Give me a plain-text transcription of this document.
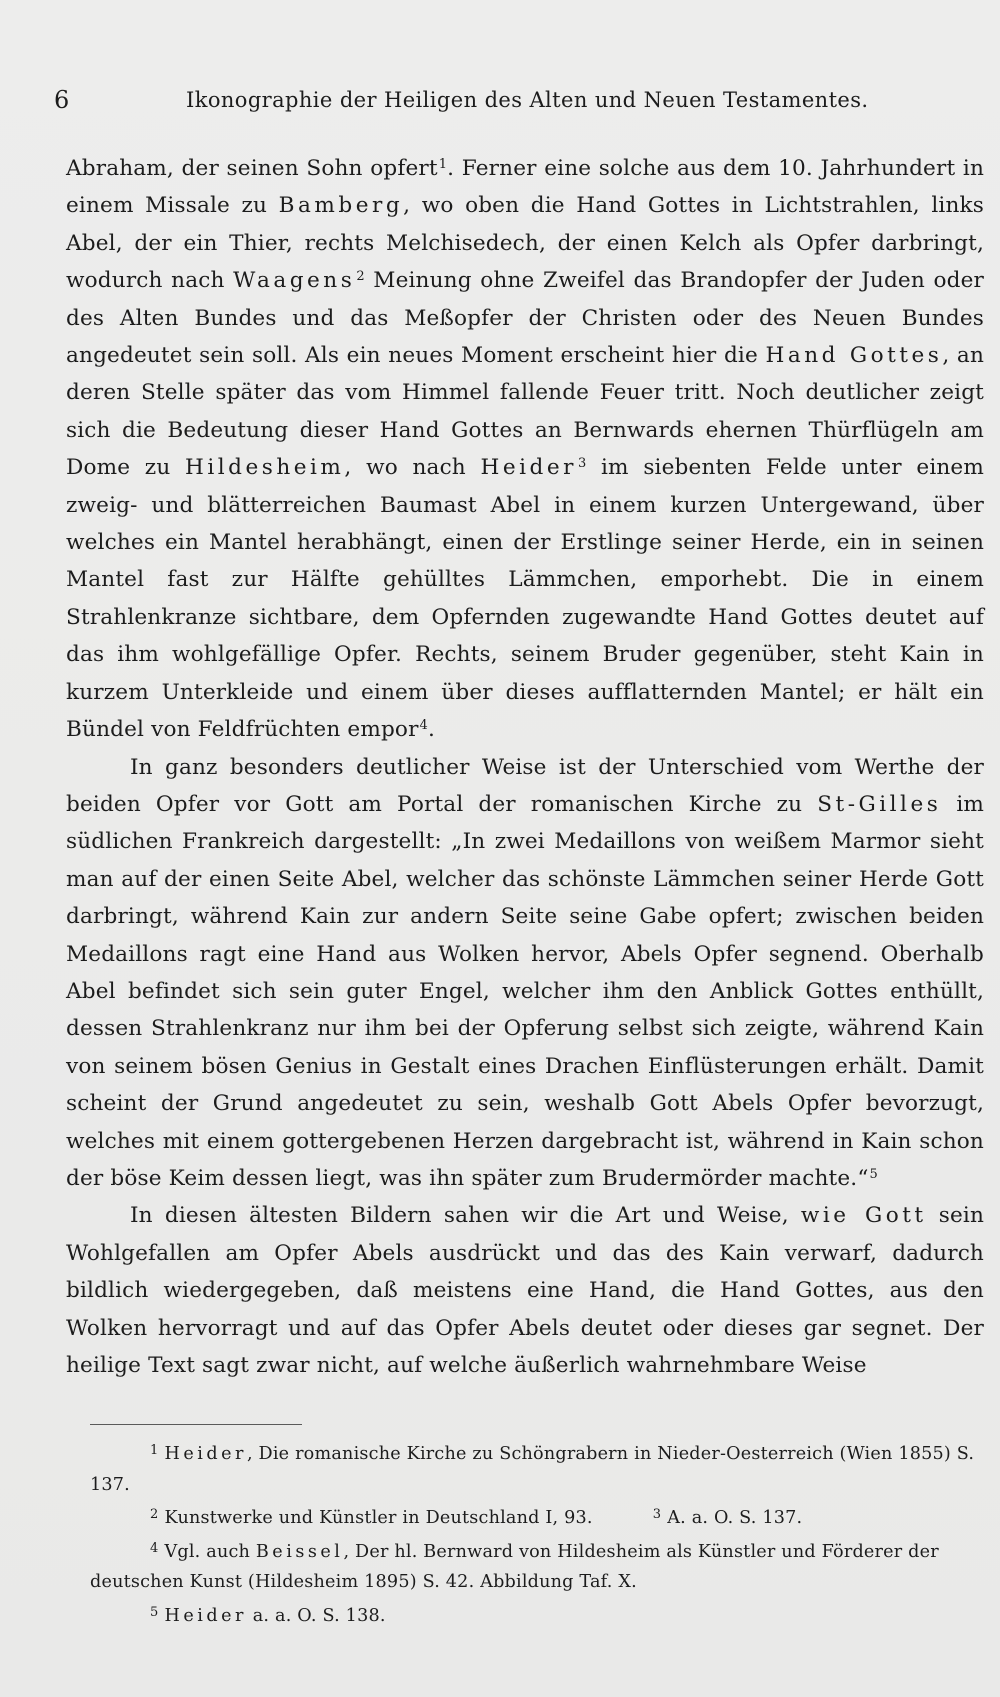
6	Ikonographie der Heiligen des Alten und Neuen Testamentes.

Abraham, der seinen Sohn opfert$^1$. Ferner eine solche aus dem 10. Jahrhundert in einem Missale zu Bamberg, wo oben die Hand Gottes in Lichtstrahlen, links Abel, der ein Thier, rechts Melchisedech, der einen Kelch als Opfer darbringt, wodurch nach Waagens$^2$ Meinung ohne Zweifel das Brandopfer der Juden oder des Alten Bundes und das Meßopfer der Christen oder des Neuen Bundes angedeutet sein soll. Als ein neues Moment erscheint hier die Hand Gottes, an deren Stelle später das vom Himmel fallende Feuer tritt. Noch deutlicher zeigt sich die Bedeutung dieser Hand Gottes an Bernwards ehernen Thürflügeln am Dome zu Hildesheim, wo nach Heider$^3$ im siebenten Felde unter einem zweig- und blätterreichen Baumast Abel in einem kurzen Untergewand, über welches ein Mantel herabhängt, einen der Erstlinge seiner Herde, ein in seinen Mantel fast zur Hälfte gehülltes Lämmchen, emporhebt. Die in einem Strahlenkranze sichtbare, dem Opfernden zugewandte Hand Gottes deutet auf das ihm wohlgefällige Opfer. Rechts, seinem Bruder gegenüber, steht Kain in kurzem Unterkleide und einem über dieses aufflatternden Mantel; er hält ein Bündel von Feldfrüchten empor$^4$.

In ganz besonders deutlicher Weise ist der Unterschied vom Werthe der beiden Opfer vor Gott am Portal der romanischen Kirche zu St-Gilles im südlichen Frankreich dargestellt: „In zwei Medaillons von weißem Marmor sieht man auf der einen Seite Abel, welcher das schönste Lämmchen seiner Herde Gott darbringt, während Kain zur andern Seite seine Gabe opfert; zwischen beiden Medaillons ragt eine Hand aus Wolken hervor, Abels Opfer segnend. Oberhalb Abel befindet sich sein guter Engel, welcher ihm den Anblick Gottes enthüllt, dessen Strahlenkranz nur ihm bei der Opferung selbst sich zeigte, während Kain von seinem bösen Genius in Gestalt eines Drachen Einflüsterungen erhält. Damit scheint der Grund angedeutet zu sein, weshalb Gott Abels Opfer bevorzugt, welches mit einem gottergebenen Herzen dargebracht ist, während in Kain schon der böse Keim dessen liegt, was ihn später zum Brudermörder machte.“$^5$

In diesen ältesten Bildern sahen wir die Art und Weise, wie Gott sein Wohlgefallen am Opfer Abels ausdrückt und das des Kain verwarf, dadurch bildlich wiedergegeben, daß meistens eine Hand, die Hand Gottes, aus den Wolken hervorragt und auf das Opfer Abels deutet oder dieses gar segnet. Der heilige Text sagt zwar nicht, auf welche äußerlich wahrnehmbare Weise

$^1$ Heider, Die romanische Kirche zu Schöngrabern in Nieder-Oesterreich (Wien 1855) S. 137.

$^2$ Kunstwerke und Künstler in Deutschland I, 93.	$^3$ A. a. O. S. 137.

$^4$ Vgl. auch Beissel, Der hl. Bernward von Hildesheim als Künstler und Förderer der deutschen Kunst (Hildesheim 1895) S. 42. Abbildung Taf. X.

$^5$ Heider a. a. O. S. 138.
